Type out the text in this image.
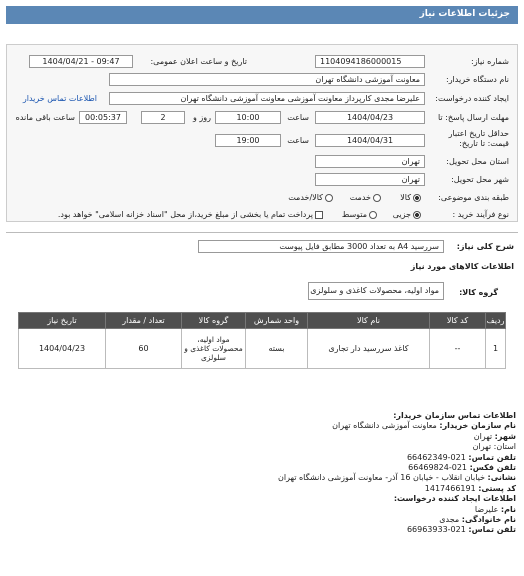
جزئیات اطلاعات نیاز
شماره نیاز:
1104094186000015
تاریخ و ساعت اعلان عمومی:
1404/04/21 - 09:47
نام دستگاه خریدار:
معاونت آموزشی دانشگاه تهران
ایجاد کننده درخواست:
علیرضا مجدی کارپرداز معاونت آموزشی معاونت آموزشی دانشگاه تهران
اطلاعات تماس خریدار
مهلت ارسال پاسخ: تا
1404/04/23
ساعت
10:00
2	روز و
00:05:37
ساعت باقی مانده
حداقل تاریخ اعتبار
قیمت: تا تاریخ:
1404/04/31
ساعت
19:00
استان محل تحویل:
تهران
شهر محل تحویل:
تهران
طبقه بندی موضوعی:
کالا
خدمت
کالا/خدمت
نوع فرآیند خرید :
جزیی
متوسط
پرداخت تمام یا بخشی از مبلغ خرید،از محل "اسناد خزانه اسلامی" خواهد بود.
شرح کلی نیاز:
سررسید A4 به تعداد 3000 مطابق فایل پیوست
اطلاعات کالاهای مورد نیاز
گروه کالا:
مواد اولیه، محصولات کاغذی و سلولزی
ردیف	کد کالا	نام کالا	واحد شمارش	گروه کالا	تعداد / مقدار	تاریخ نیاز
1	--	کاغذ سررسید دار تجاری	بسته	مواد اولیه، محصولات کاغذی و سلولزی	60	1404/04/23
اطلاعات تماس سازمان خریدار:
نام سازمان خریدار: معاونت آموزشی دانشگاه تهران
شهر: تهران
استان: تهران
تلفن تماس: 021-66462349
تلفن فکس: 021-66469824
نشانی: خیابان انقلاب - خیابان 16 آذر- معاونت آموزشی دانشگاه تهران
کد پستی: 1417466191
اطلاعات ایجاد کننده درخواست:
نام: علیرضا
نام خانوادگی: مجدی
تلفن تماس: 021-66963933
